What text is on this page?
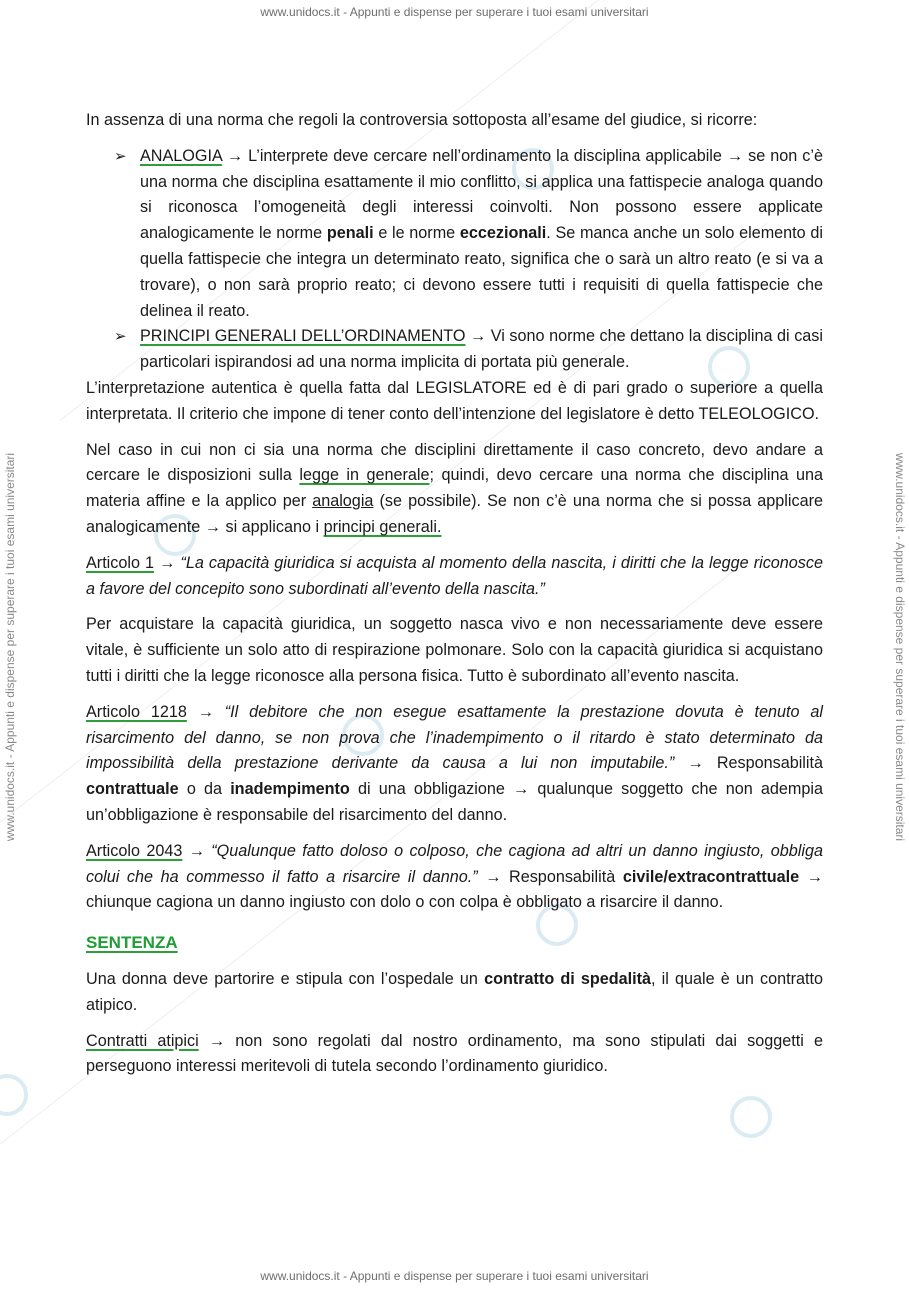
www.unidocs.it - Appunti e dispense per superare i tuoi esami universitari
www.unidocs.it - Appunti e dispense per superare i tuoi esami universitari
www.unidocs.it - Appunti e dispense per superare i tuoi esami universitari	www.unidocs.it - Appunti e dispense per superare i tuoi esami universitari

In assenza di una norma che regoli la controversia sottoposta all’esame del giudice, si ricorre:

➢ ANALOGIA → L’interprete deve cercare nell’ordinamento la disciplina applicabile → se non c’è una norma che disciplina esattamente il mio conflitto, si applica una fattispecie analoga quando si riconosca l’omogeneità degli interessi coinvolti. Non possono essere applicate analogicamente le norme penali e le norme eccezionali. Se manca anche un solo elemento di quella fattispecie che integra un determinato reato, significa che o sarà un altro reato (e si va a trovare), o non sarà proprio reato; ci devono essere tutti i requisiti di quella fattispecie che delinea il reato.
➢ PRINCIPI GENERALI DELL’ORDINAMENTO → Vi sono norme che dettano la disciplina di casi particolari ispirandosi ad una norma implicita di portata più generale.

L’interpretazione autentica è quella fatta dal LEGISLATORE ed è di pari grado o superiore a quella interpretata. Il criterio che impone di tener conto dell’intenzione del legislatore è detto TELEOLOGICO.

Nel caso in cui non ci sia una norma che disciplini direttamente il caso concreto, devo andare a cercare le disposizioni sulla legge in generale; quindi, devo cercare una norma che disciplina una materia affine e la applico per analogia (se possibile). Se non c’è una norma che si possa applicare analogicamente → si applicano i principi generali.

Articolo 1 → “La capacità giuridica si acquista al momento della nascita, i diritti che la legge riconosce a favore del concepito sono subordinati all’evento della nascita.”

Per acquistare la capacità giuridica, un soggetto nasca vivo e non necessariamente deve essere vitale, è sufficiente un solo atto di respirazione polmonare. Solo con la capacità giuridica si acquistano tutti i diritti che la legge riconosce alla persona fisica. Tutto è subordinato all’evento nascita.

Articolo 1218 → “Il debitore che non esegue esattamente la prestazione dovuta è tenuto al risarcimento del danno, se non prova che l’inadempimento o il ritardo è stato determinato da impossibilità della prestazione derivante da causa a lui non imputabile.” → Responsabilità contrattuale o da inadempimento di una obbligazione → qualunque soggetto che non adempia un’obbligazione è responsabile del risarcimento del danno.

Articolo 2043 → “Qualunque fatto doloso o colposo, che cagiona ad altri un danno ingiusto, obbliga colui che ha commesso il fatto a risarcire il danno.” → Responsabilità civile/extracontrattuale → chiunque cagiona un danno ingiusto con dolo o con colpa è obbligato a risarcire il danno.

SENTENZA

Una donna deve partorire e stipula con l’ospedale un contratto di spedalità, il quale è un contratto atipico.

Contratti atipici → non sono regolati dal nostro ordinamento, ma sono stipulati dai soggetti e perseguono interessi meritevoli di tutela secondo l’ordinamento giuridico.
